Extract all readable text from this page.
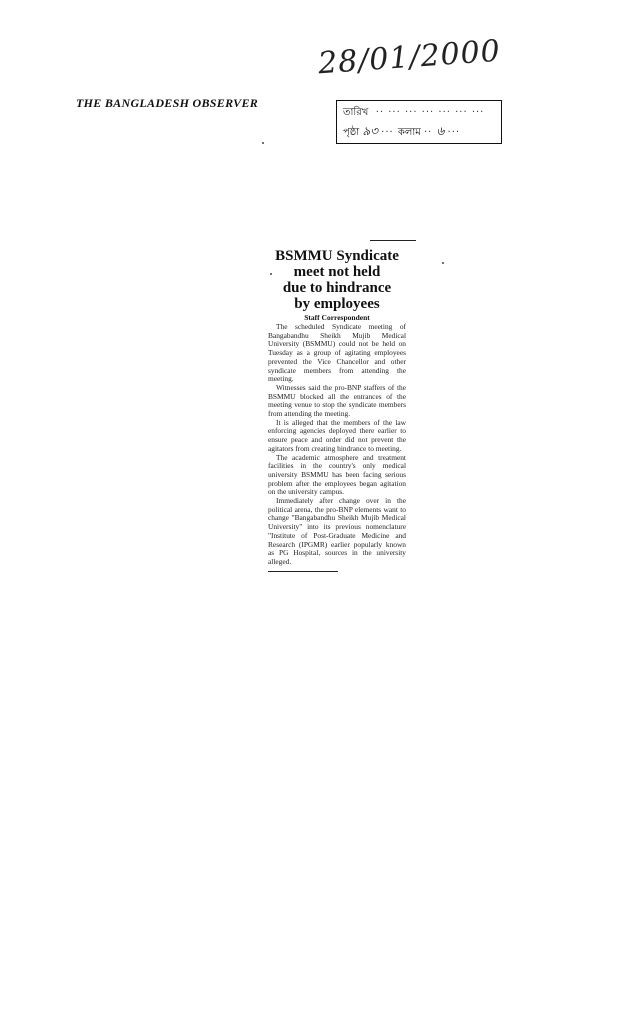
THE BANGLADESH OBSERVER
28/01/2000
তারিখ  ·· ··· ··· ··· ··· ··· ···
পৃষ্ঠা ৯৩ ··· কলাম ·· ৬ ···
BSMMU Syndicate
meet not held
due to hindrance
by employees
Staff Correspondent

The scheduled Syndicate meeting of Bangabandhu Sheikh Mujib Medical University (BSMMU) could not be held on Tuesday as a group of agitating employees prevented the Vice Chancellor and other syndicate members from attending the meeting.

Witnesses said the pro-BNP staffers of the BSMMU blocked all the entrances of the meeting venue to stop the syndicate members from attending the meeting.

It is alleged that the members of the law enforcing agencies deployed there earlier to ensure peace and order did not prevent the agitators from creating hindrance to meeting.

The academic atmosphere and treatment facilities in the country's only medical university BSMMU has been facing serious problem after the employees began agitation on the university campus.

Immediately after change over in the political arena, the pro-BNP elements want to change "Bangabandhu Sheikh Mujib Medical University" into its previous nomenclature "Institute of Post-Graduate Medicine and Research (IPGMR) earlier popularly known as PG Hospital, sources in the university alleged.
